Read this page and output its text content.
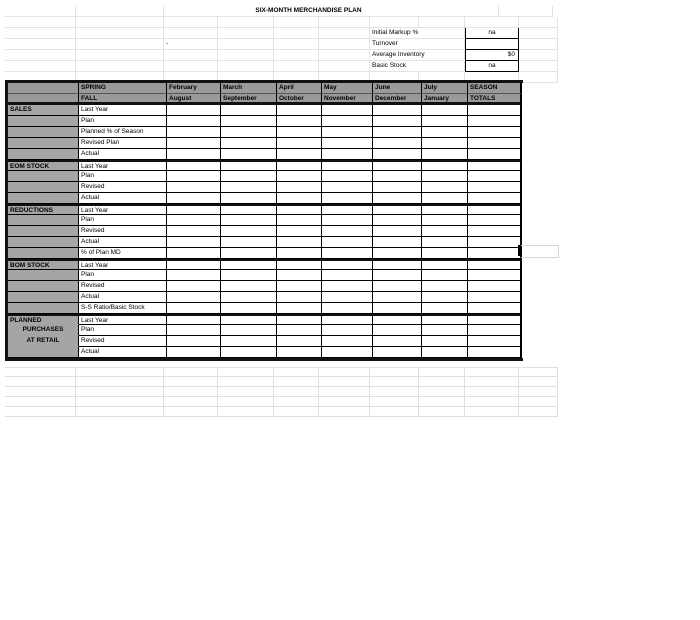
SIX-MONTH MERCHANDISE PLAN
Initial Markup %	na
-	Turnover
Average Inventory	$0
Basic Stock	na
SPRING	February	March	April	May	June	July	SEASON
FALL	August	September	October	November	December	January	TOTALS
SALES	Last Year
Plan
Planned % of Season
Revised Plan
Actual
EOM STOCK	Last Year
Plan
Revised
Actual
REDUCTIONS	Last Year
Plan
Revised
Actual
% of Plan MD
BOM STOCK	Last Year
Plan
Revised
Actual
S-S Ratio/Basic Stock
PLANNED	Last Year
PURCHASES	Plan
AT RETAIL	Revised
Actual
